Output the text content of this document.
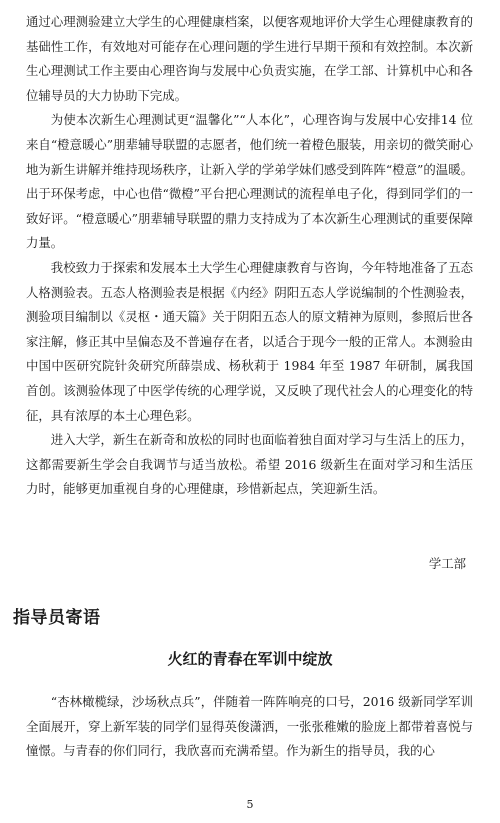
通过心理测验建立大学生的心理健康档案，以便客观地评价大学生心理健康教育的基础性工作，有效地对可能存在心理问题的学生进行早期干预和有效控制。本次新生心理测试工作主要由心理咨询与发展中心负责实施，在学工部、计算机中心和各位辅导员的大力协助下完成。

为使本次新生心理测试更“温馨化”“人本化”，心理咨询与发展中心安排14 位来自“橙意暖心”朋辈辅导联盟的志愿者，他们统一着橙色服装，用亲切的微笑耐心地为新生讲解并维持现场秩序，让新入学的学弟学妹们感受到阵阵“橙意”的温暖。出于环保考虑，中心也借“微橙”平台把心理测试的流程单电子化，得到同学们的一致好评。“橙意暖心”朋辈辅导联盟的鼎力支持成为了本次新生心理测试的重要保障力量。

我校致力于探索和发展本土大学生心理健康教育与咨询，今年特地准备了五态人格测验表。五态人格测验表是根据《内经》阴阳五态人学说编制的个性测验表，测验项目编制以《灵枢・通天篇》关于阴阳五态人的原文精神为原则，参照后世各家注解，修正其中呈偏态及不普遍存在者，以适合于现今一般的正常人。本测验由中国中医研究院针灸研究所薛崇成、杨秋莉于 1984 年至 1987 年研制，属我国首创。该测验体现了中医学传统的心理学说，又反映了现代社会人的心理变化的特征，具有浓厚的本土心理色彩。

进入大学，新生在新奇和放松的同时也面临着独自面对学习与生活上的压力，这都需要新生学会自我调节与适当放松。希望 2016 级新生在面对学习和生活压力时，能够更加重视自身的心理健康，珍惜新起点，笑迎新生活。

学工部
指导员寄语
火红的青春在军训中绽放

“杏林橄榄绿，沙场秋点兵”，伴随着一阵阵响亮的口号，2016 级新同学军训全面展开，穿上新军装的同学们显得英俊潇洒，一张张稚嫩的脸庞上都带着喜悦与憧憬。与青春的你们同行，我欣喜而充满希望。作为新生的指导员，我的心

5
